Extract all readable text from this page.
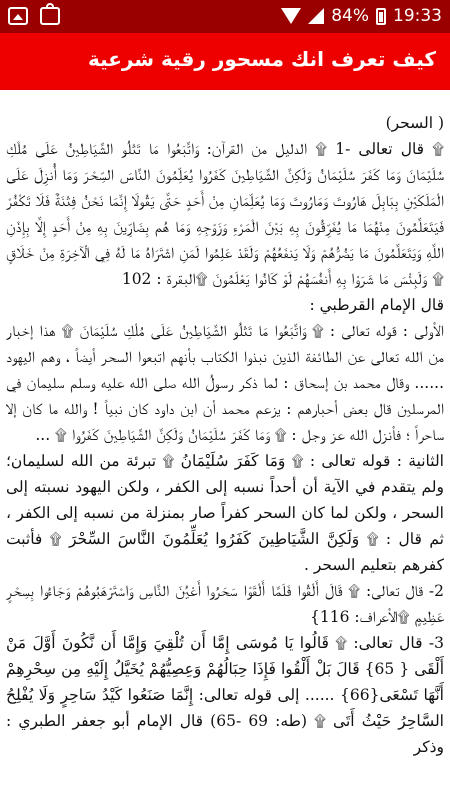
84% 19:33
كيف تعرف انك مسحور رقية شرعية

( السحر)

۩ قال تعالى -1 ۩ الدليل من القرآن: وَاتَّبَعُوا مَا تَتْلُو الشَّيَاطِينُ عَلَى مُلْكِ سُلَيْمَانَ وَمَا كَفَرَ سُلَيْمَانُ وَلَكِنَّ الشَّيَاطِينَ كَفَرُوا يُعَلِّمُونَ النَّاسَ السِّحْرَ وَمَا أُنزِلَ عَلَى الْمَلَكَيْنِ بِبَابِلَ هَارُوتَ وَمَارُوتَ وَمَا يُعَلِّمَانِ مِنْ أَحَدٍ حَتَّى يَقُولَا إِنَّمَا نَحْنُ فِتْنَةٌ فَلَا تَكْفُرْ فَيَتَعَلَّمُونَ مِنْهُمَا مَا يُفَرِّقُونَ بِهِ بَيْنَ الْمَرْءِ وَزَوْجِهِ وَمَا هُم بِضَارِّينَ بِهِ مِنْ أَحَدٍ إِلَّا بِإِذْنِ اللَّهِ وَيَتَعَلَّمُونَ مَا يَضُرُّهُمْ وَلَا يَنفَعُهُمْ وَلَقَدْ عَلِمُوا لَمَنِ اشْتَرَاهُ مَا لَهُ فِي الْآخِرَةِ مِنْ خَلَاقٍ ۩ وَلَبِئْسَ مَا شَرَوْا بِهِ أَنفُسَهُمْ لَوْ كَانُوا يَعْلَمُونَ ۩البقرة : 102

قال الإمام القرطبي :

الأولى : قوله تعالى : ۩ وَاتَّبَعُوا مَا تَتْلُو الشَّيَاطِينُ عَلَى مُلْكِ سُلَيْمَانَ ۩ هذا إخبار من الله تعالى عن الطائفة الذين نبذوا الكتاب بأنهم اتبعوا السحر أيضاً ، وهم اليهود ...... وقال محمد بن إسحاق : لما ذكر رسولُ الله صلى الله عليه وسلم سليمان في المرسلين قال بعض أحبارهم : يزعم محمد أن ابن داود كان نبياً ! والله ما كان إلا ساحراً ؛ فأنزل الله عز وجل : ۩ وَمَا كَفَرَ سُلَيْمَانُ وَلَكِنَّ الشَّيَاطِينَ كَفَرُوا ۩ ...

الثانية : قوله تعالى : ۩ وَمَا كَفَرَ سُلَيْمَانُ ۩ تبرئة من الله لسليمان؛ ولم يتقدم في الآية أن أحداً نسبه إلى الكفر ، ولكن اليهود نسبته إلى السحر ، ولكن لما كان السحر كفراً صار بمنزلة من نسبه إلى الكفر ، ثم قال : ۩ وَلَكِنَّ الشَّيَاطِينَ كَفَرُوا يُعَلِّمُونَ النَّاسَ السِّحْرَ ۩ فأثبت كفرهم بتعليم السحر .

2- قال تعالى: ۩ قَالَ أَلْقُوا فَلَمَّا أَلْقَوْا سَحَرُوا أَعْيُنَ النَّاسِ وَاسْتَرْهَبُوهُمْ وَجَاءُوا بِسِحْرٍ عَظِيمٍ ۩الأعراف: 116}

3- قال تعالى: ۩ قَالُوا يَا مُوسَى إِمَّا أَن تُلْقِيَ وَإِمَّا أَن نَّكُونَ أَوَّلَ مَنْ أَلْقَى { 65} قَالَ بَلْ أَلْقُوا فَإِذَا حِبَالُهُمْ وَعِصِيُّهُمْ يُخَيَّلُ إِلَيْهِ مِن سِحْرِهِمْ أَنَّهَا تَسْعَى{66} ...... إلى قوله تعالى: إِنَّمَا صَنَعُوا كَيْدُ سَاحِرٍ وَلَا يُفْلِحُ السَّاحِرُ حَيْثُ أَتَى ۩ (طه: 69 -65) قال الإمام أبو جعفر الطبري : وذكر
